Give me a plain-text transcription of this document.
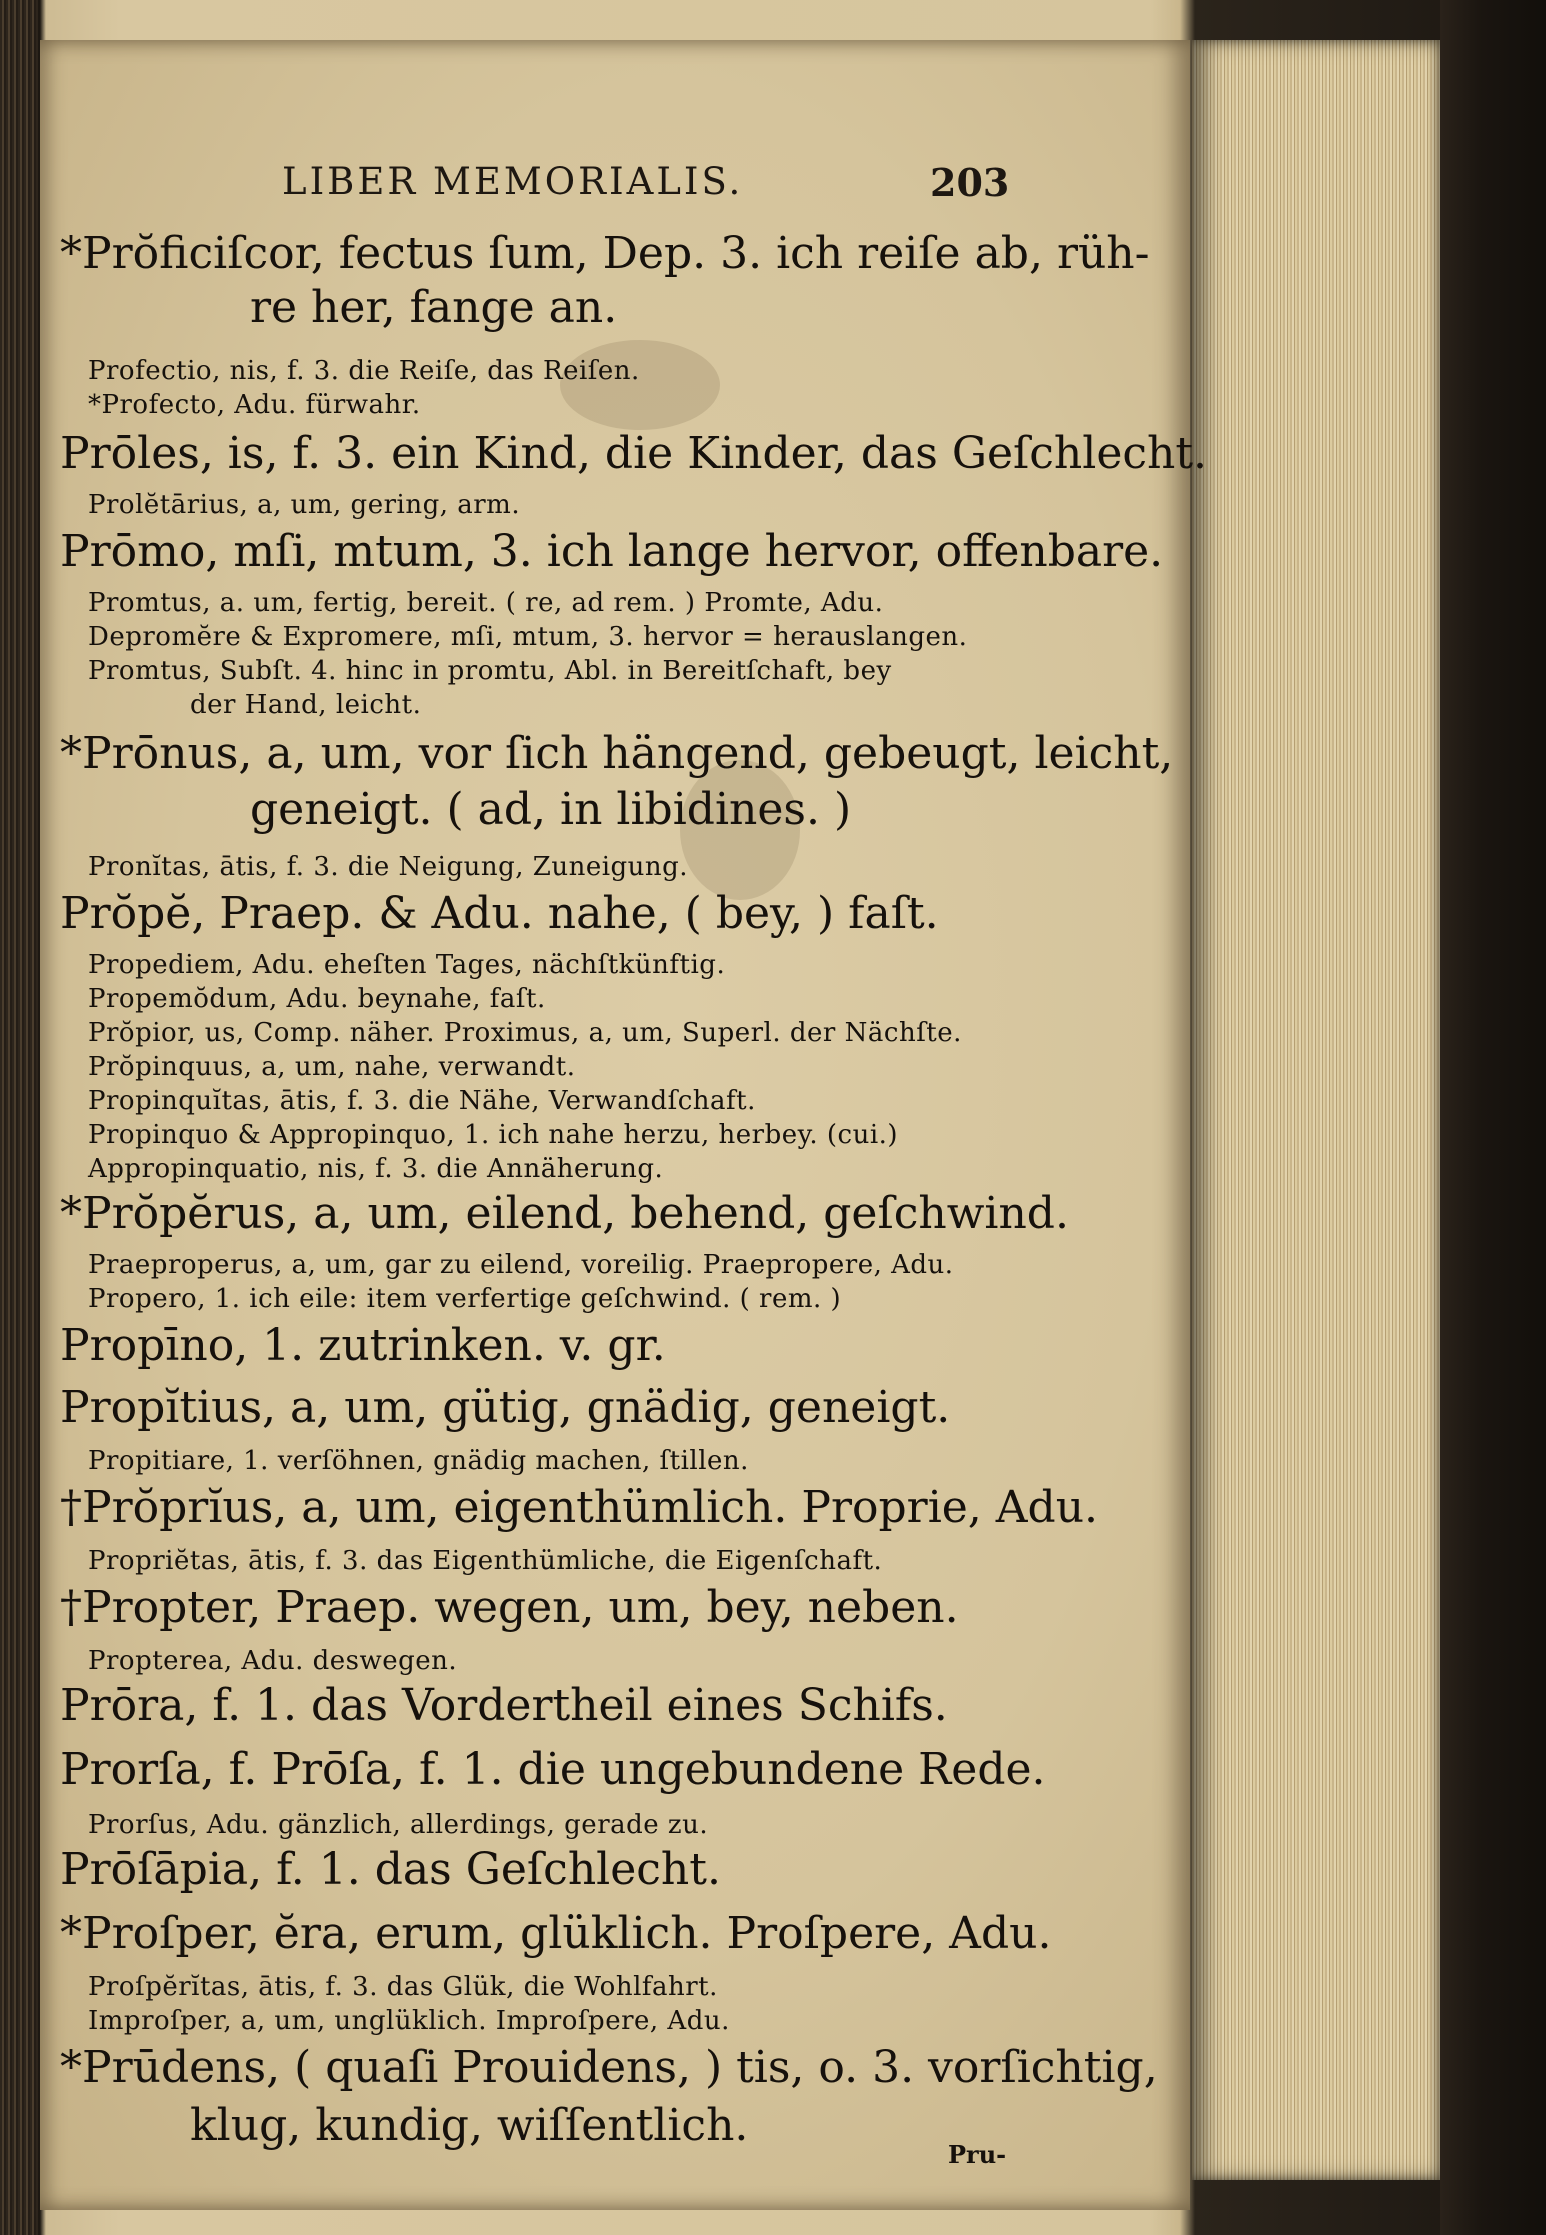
LIBER MEMORIALIS.	203
*Prŏficiſcor, fectus ſum, Dep. 3. ich reiſe ab, rüh-
re her, fange an.
Profectio, nis, f. 3. die Reiſe, das Reiſen.
*Profecto, Adu. fürwahr.
Prōles, is, f. 3. ein Kind, die Kinder, das Geſchlecht.
Prolĕtārius, a, um, gering, arm.
Prōmo, mſi, mtum, 3. ich lange hervor, offenbare.
Promtus, a. um, fertig, bereit. ( re, ad rem. ) Promte, Adu.
Depromĕre & Expromere, mſi, mtum, 3. hervor = herauslangen.
Promtus, Subſt. 4. hinc in promtu, Abl. in Bereitſchaft, bey
der Hand, leicht.
*Prōnus, a, um, vor ſich hängend, gebeugt, leicht,
geneigt. ( ad, in libidines. )
Pronĭtas, ātis, f. 3. die Neigung, Zuneigung.
Prŏpĕ, Praep. & Adu. nahe, ( bey, ) faſt.
Propediem, Adu. eheſten Tages, nächſtkünftig.
Propemŏdum, Adu. beynahe, faſt.
Prŏpior, us, Comp. näher. Proximus, a, um, Superl. der Nächſte.
Prŏpinquus, a, um, nahe, verwandt.
Propinquĭtas, ātis, f. 3. die Nähe, Verwandſchaft.
Propinquo & Appropinquo, 1. ich nahe herzu, herbey. (cui.)
Appropinquatio, nis, f. 3. die Annäherung.
*Prŏpĕrus, a, um, eilend, behend, geſchwind.
Praeproperus, a, um, gar zu eilend, voreilig. Praepropere, Adu.
Propero, 1. ich eile: item verfertige geſchwind. ( rem. )
Propīno, 1. zutrinken. v. gr.
Propĭtius, a, um, gütig, gnädig, geneigt.
Propitiare, 1. verſöhnen, gnädig machen, ſtillen.
†Prŏprĭus, a, um, eigenthümlich. Proprie, Adu.
Propriĕtas, ātis, f. 3. das Eigenthümliche, die Eigenſchaft.
†Propter, Praep. wegen, um, bey, neben.
Propterea, Adu. deswegen.
Prōra, f. 1. das Vordertheil eines Schifs.
Prorſa, f. Prōſa, f. 1. die ungebundene Rede.
Prorſus, Adu. gänzlich, allerdings, gerade zu.
Prōſāpia, f. 1. das Geſchlecht.
*Proſper, ĕra, erum, glüklich. Proſpere, Adu.
Proſpĕrĭtas, ātis, f. 3. das Glük, die Wohlfahrt.
Improſper, a, um, unglüklich. Improſpere, Adu.
*Prūdens, ( quaſi Prouidens, ) tis, o. 3. vorſichtig,
klug, kundig, wiſſentlich.
Pru-
